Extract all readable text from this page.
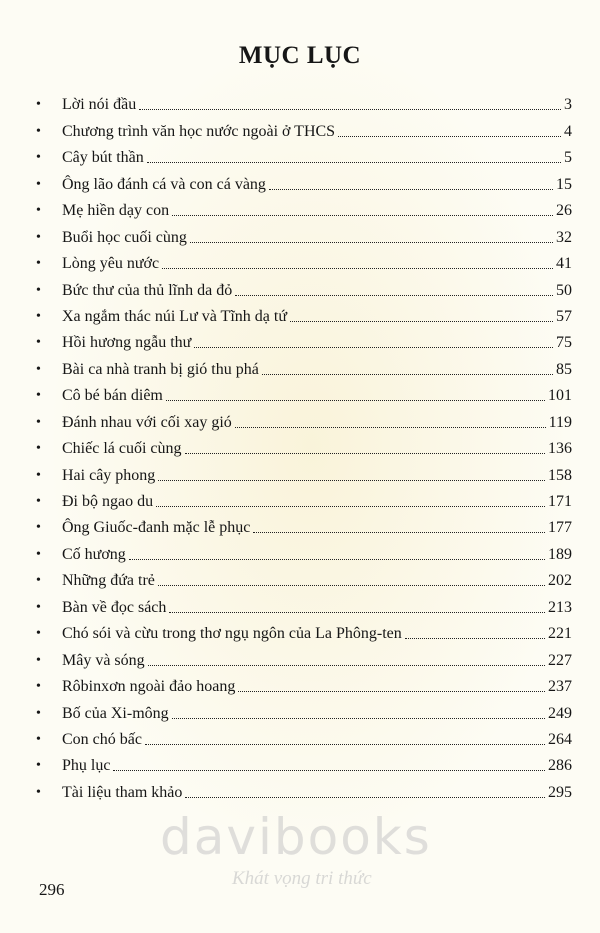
MỤC LỤC
•	Lời nói đầu	3
•	Chương trình văn học nước ngoài ở THCS	4
•	Cây bút thần	5
•	Ông lão đánh cá và con cá vàng	15
•	Mẹ hiền dạy con	26
•	Buổi học cuối cùng	32
•	Lòng yêu nước	41
•	Bức thư của thủ lĩnh da đỏ	50
•	Xa ngắm thác núi Lư và Tĩnh dạ tứ	57
•	Hồi hương ngẫu thư	75
•	Bài ca nhà tranh bị gió thu phá	85
•	Cô bé bán diêm	101
•	Đánh nhau với cối xay gió	119
•	Chiếc lá cuối cùng	136
•	Hai cây phong	158
•	Đi bộ ngao du	171
•	Ông Giuốc-đanh mặc lễ phục	177
•	Cố hương	189
•	Những đứa trẻ	202
•	Bàn về đọc sách	213
•	Chó sói và cừu trong thơ ngụ ngôn của La Phông-ten	221
•	Mây và sóng	227
•	Rôbinxơn ngoài đảo hoang	237
•	Bố của Xi-mông	249
•	Con chó bấc	264
•	Phụ lục	286
•	Tài liệu tham khảo	295
296
davibooks
Khát vọng tri thức
